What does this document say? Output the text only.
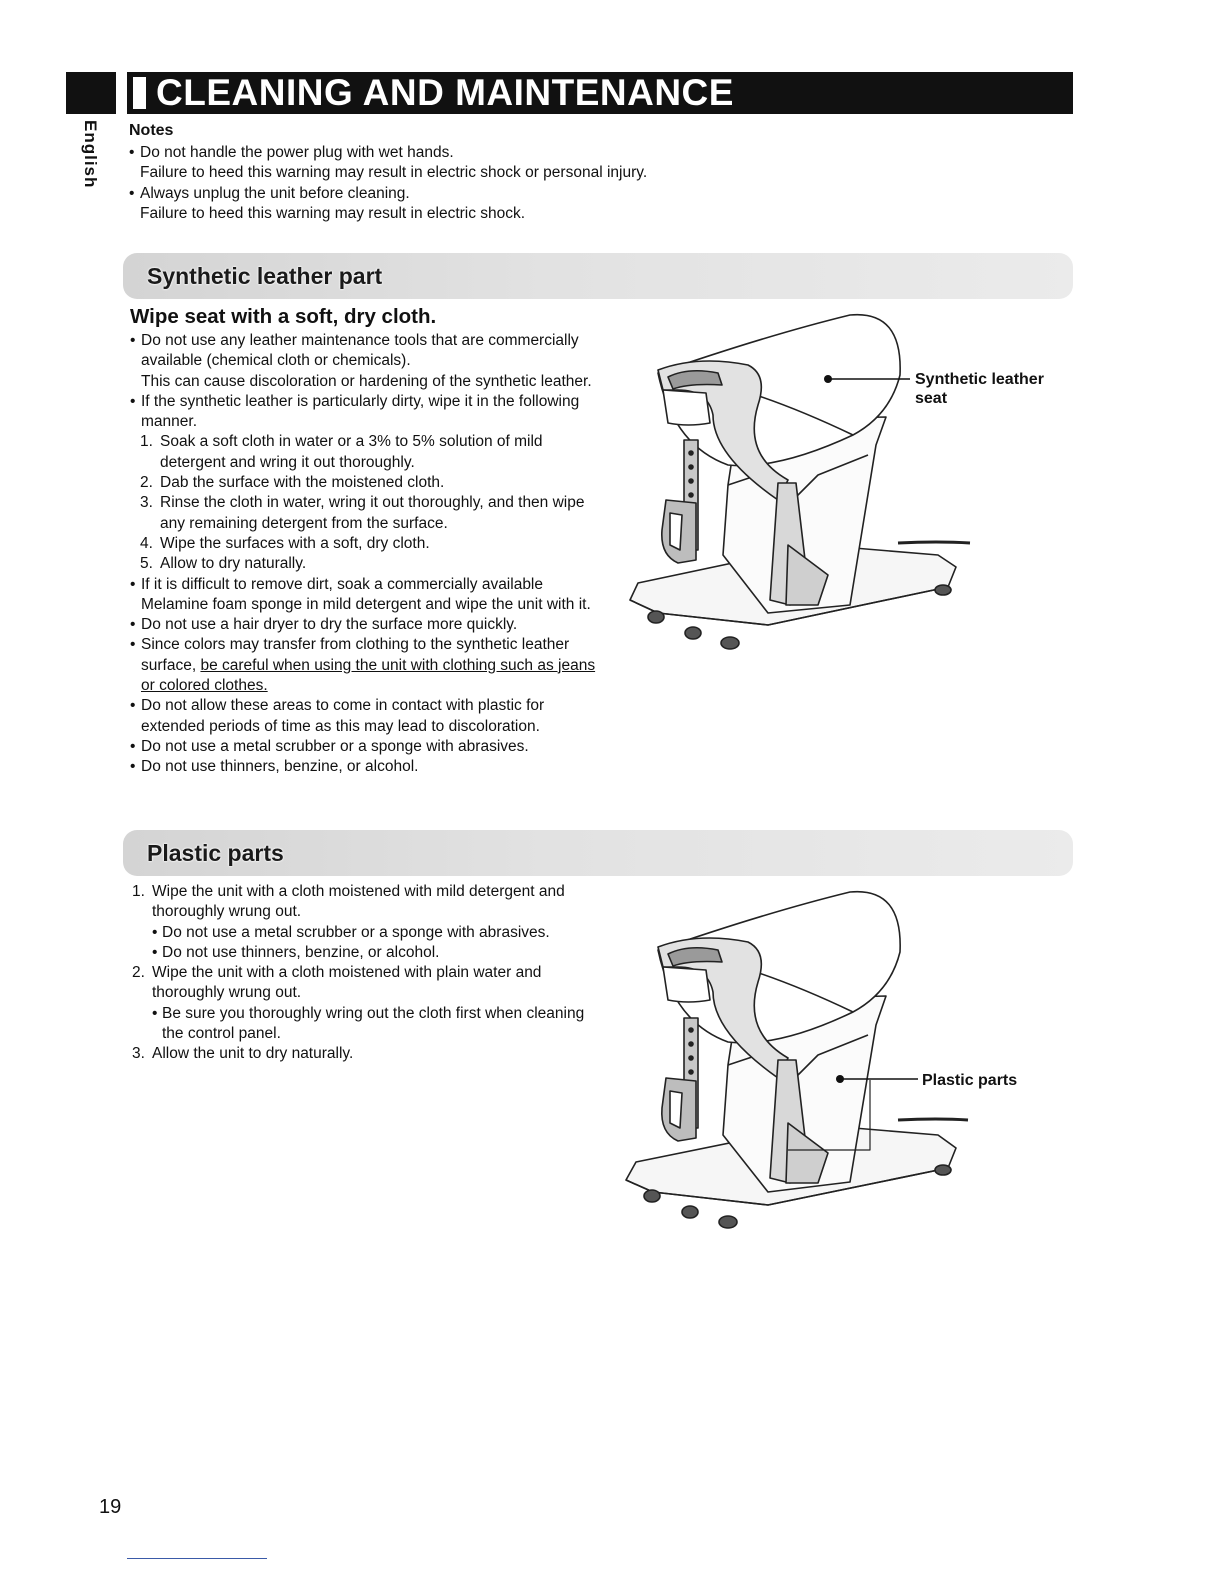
CLEANING AND MAINTENANCE
English Notes
• Do not handle the power plug with wet hands.
Failure to heed this warning may result in electric shock or personal injury.
• Always unplug the unit before cleaning.
Failure to heed this warning may result in electric shock.
Synthetic leather part
Wipe seat with a soft, dry cloth.
• Do not use any leather maintenance tools that are commercially available (chemical cloth or chemicals).
This can cause discoloration or hardening of the synthetic leather.
• If the synthetic leather is particularly dirty, wipe it in the following manner.
1. Soak a soft cloth in water or a 3% to 5% solution of mild detergent and wring it out thoroughly.
2. Dab the surface with the moistened cloth.
3. Rinse the cloth in water, wring it out thoroughly, and then wipe any remaining detergent from the surface.
4. Wipe the surfaces with a soft, dry cloth.
5. Allow to dry naturally.
• If it is difficult to remove dirt, soak a commercially available Melamine foam sponge in mild detergent and wipe the unit with it.
• Do not use a hair dryer to dry the surface more quickly.
• Since colors may transfer from clothing to the synthetic leather surface, be careful when using the unit with clothing such as jeans or colored clothes.
• Do not allow these areas to come in contact with plastic for extended periods of time as this may lead to discoloration.
• Do not use a metal scrubber or a sponge with abrasives.
• Do not use thinners, benzine, or alcohol.
Synthetic leather
seat
Plastic parts
1. Wipe the unit with a cloth moistened with mild detergent and thoroughly wrung out.
• Do not use a metal scrubber or a sponge with abrasives.
• Do not use thinners, benzine, or alcohol.
2. Wipe the unit with a cloth moistened with plain water and thoroughly wrung out.
• Be sure you thoroughly wring out the cloth first when cleaning the control panel.
3. Allow the unit to dry naturally.
Plastic parts
19
